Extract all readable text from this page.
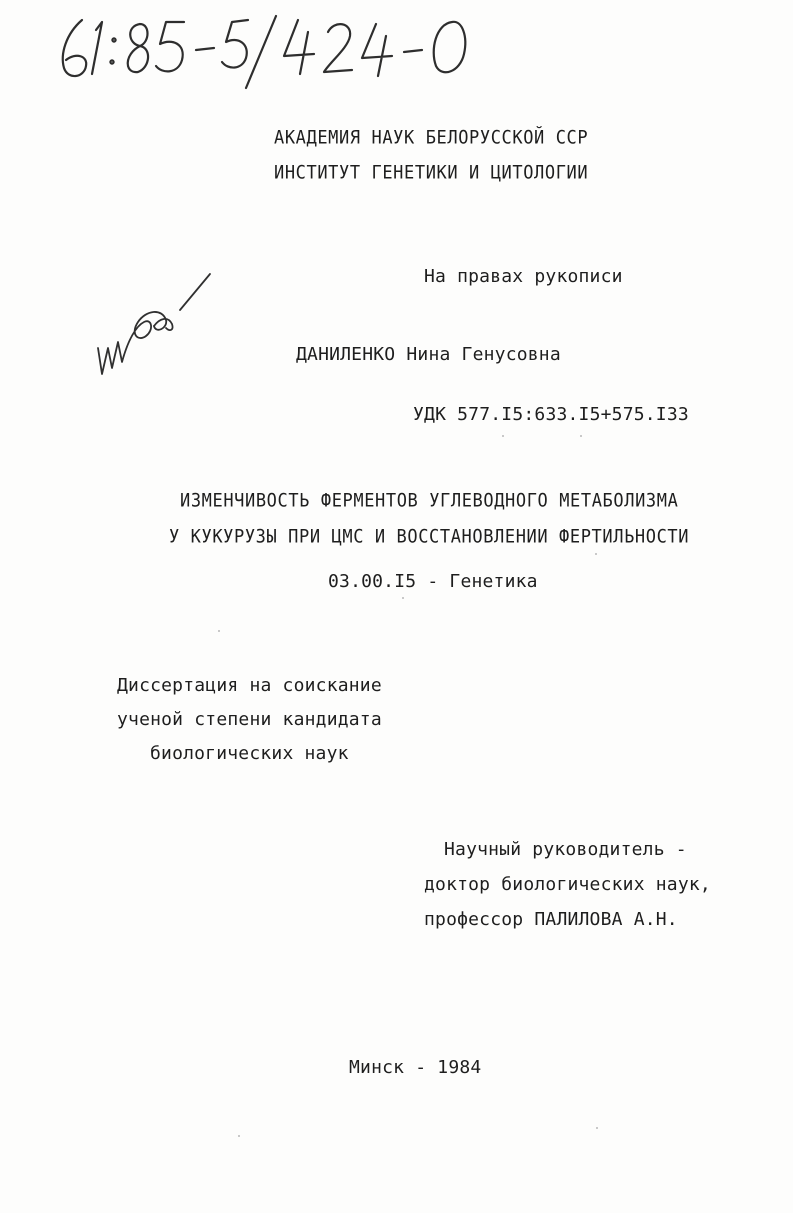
АКАДЕМИЯ НАУК БЕЛОРУССКОЙ ССР
ИНСТИТУТ ГЕНЕТИКИ И ЦИТОЛОГИИ
На правах рукописи
ДАНИЛЕНКО Нина Генусовна
УДК 577.I5:633.I5+575.I33
ИЗМЕНЧИВОСТЬ ФЕРМЕНТОВ УГЛЕВОДНОГО МЕТАБОЛИЗМА
У КУКУРУЗЫ ПРИ ЦМС И ВОССТАНОВЛЕНИИ ФЕРТИЛЬНОСТИ
03.00.I5 - Генетика
Диссертация на соискание
ученой степени кандидата
биологических наук
Научный руководитель -
доктор биологических наук,
профессор ПАЛИЛОВА А.Н.
Минск - 1984
